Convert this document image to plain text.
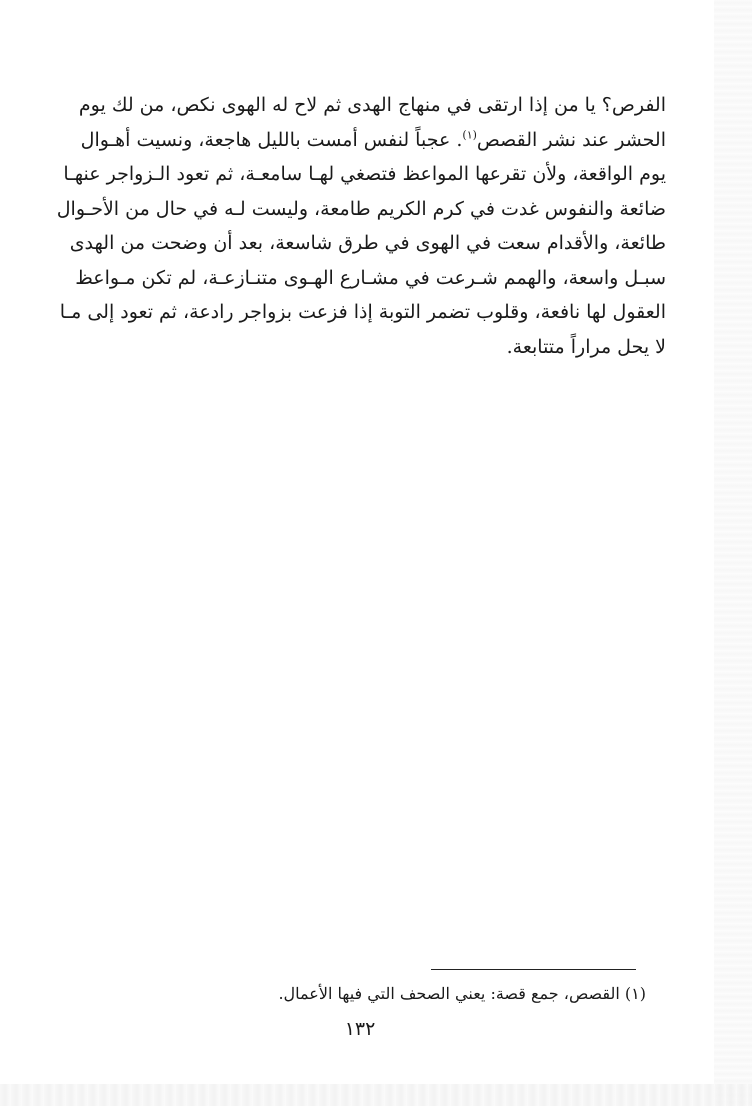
الفرص؟ يا من إذا ارتقى في منهاج الهدى ثم لاح له الهوى نكص، من لك يوم
الحشر عند نشر القصص$^{(١)}$. عجباً لنفس أمست بالليل هاجعة، ونسيت أهـوال
يوم الواقعة، ولأن تقرعها المواعظ فتصغي لهـا سامعـة، ثم تعود الـزواجر عنهـا
ضائعة والنفوس غدت في كرم الكريم طامعة، وليست لـه في حال من الأحـوال
طائعة، والأقدام سعت في الهوى في طرق شاسعة، بعد أن وضحت من الهدى
سبـل واسعة، والهمم شـرعت في مشـارع الهـوى متنـازعـة، لم تكن مـواعظ
العقول لها نافعة، وقلوب تضمر التوبة إذا فزعت بزواجر رادعة، ثم تعود إلى مـا
لا يحل مراراً متتابعة.
(١) القصص، جمع قصة: يعني الصحف التي فيها الأعمال.
١٣٢
